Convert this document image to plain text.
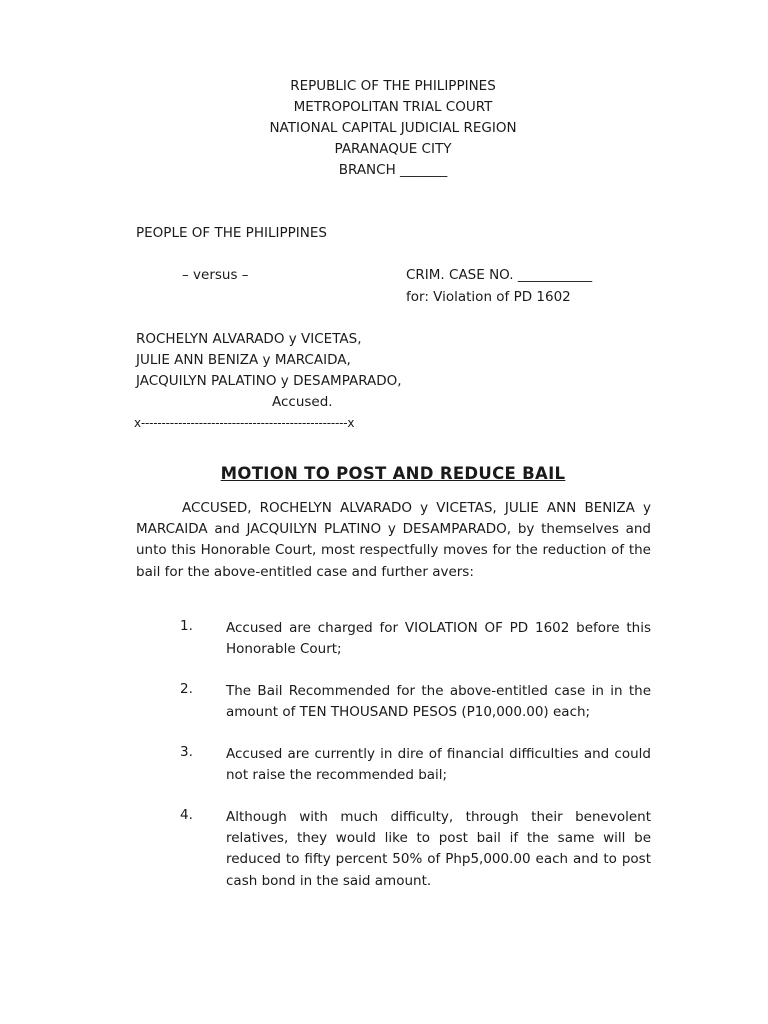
REPUBLIC OF THE PHILIPPINES
METROPOLITAN TRIAL COURT
NATIONAL CAPITAL JUDICIAL REGION
PARANAQUE CITY
BRANCH _______
PEOPLE OF THE PHILIPPINES
– versus –	CRIM. CASE NO. ___________
for: Violation of PD 1602
ROCHELYN ALVARADO y VICETAS,
JULIE ANN BENIZA y MARCAIDA,
JACQUILYN PALATINO y DESAMPARADO,
Accused.
x--------------------------------------------------x
MOTION TO POST AND REDUCE BAIL
ACCUSED, ROCHELYN ALVARADO y VICETAS, JULIE ANN BENIZA y MARCAIDA and JACQUILYN PLATINO y DESAMPARADO, by themselves and unto this Honorable Court, most respectfully moves for the reduction of the bail for the above-entitled case and further avers:
1. Accused are charged for VIOLATION OF PD 1602 before this Honorable Court;
2. The Bail Recommended for the above-entitled case in in the amount of TEN THOUSAND PESOS (P10,000.00) each;
3. Accused are currently in dire of financial difficulties and could not raise the recommended bail;
4. Although with much difficulty, through their benevolent relatives, they would like to post bail if the same will be reduced to fifty percent 50% of Php5,000.00 each and to post cash bond in the said amount.
